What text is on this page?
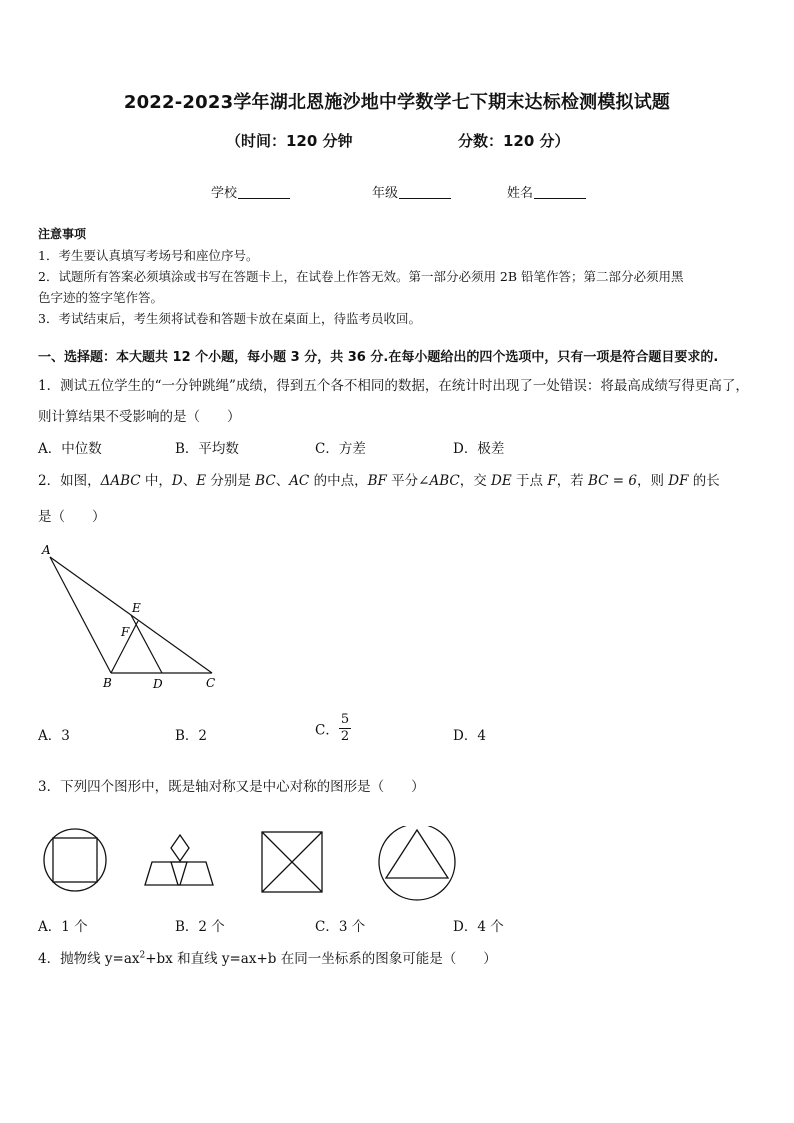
2022-2023学年湖北恩施沙地中学数学七下期末达标检测模拟试题
（时间：120 分钟	分数：120 分）
学校	年级	姓名
注意事项
1．考生要认真填写考场号和座位序号。
2．试题所有答案必须填涂或书写在答题卡上，在试卷上作答无效。第一部分必须用 2B 铅笔作答；第二部分必须用黑
色字迹的签字笔作答。
3．考试结束后，考生须将试卷和答题卡放在桌面上，待监考员收回。
一、选择题：本大题共 12 个小题，每小题 3 分，共 36 分.在每小题给出的四个选项中，只有一项是符合题目要求的.
1．测试五位学生的“一分钟跳绳”成绩，得到五个各不相同的数据，在统计时出现了一处错误：将最高成绩写得更高了，
则计算结果不受影响的是（　　）
A．中位数	B．平均数	C．方差	D．极差
2．如图，ΔABC 中，D、E 分别是 BC、AC 的中点，BF 平分∠ABC，交 DE 于点 F，若 BC = 6，则 DF 的长
是（　　）
A
B	C
D
E
F
A．3	B．2	C． $\frac{5}{2}$	D．4
3．下列四个图形中，既是轴对称又是中心对称的图形是（　　）
A．1 个	B．2 个	C．3 个	D．4 个
4．抛物线 $y=ax^2+bx$ 和直线 y=ax+b 在同一坐标系的图象可能是（　　）
